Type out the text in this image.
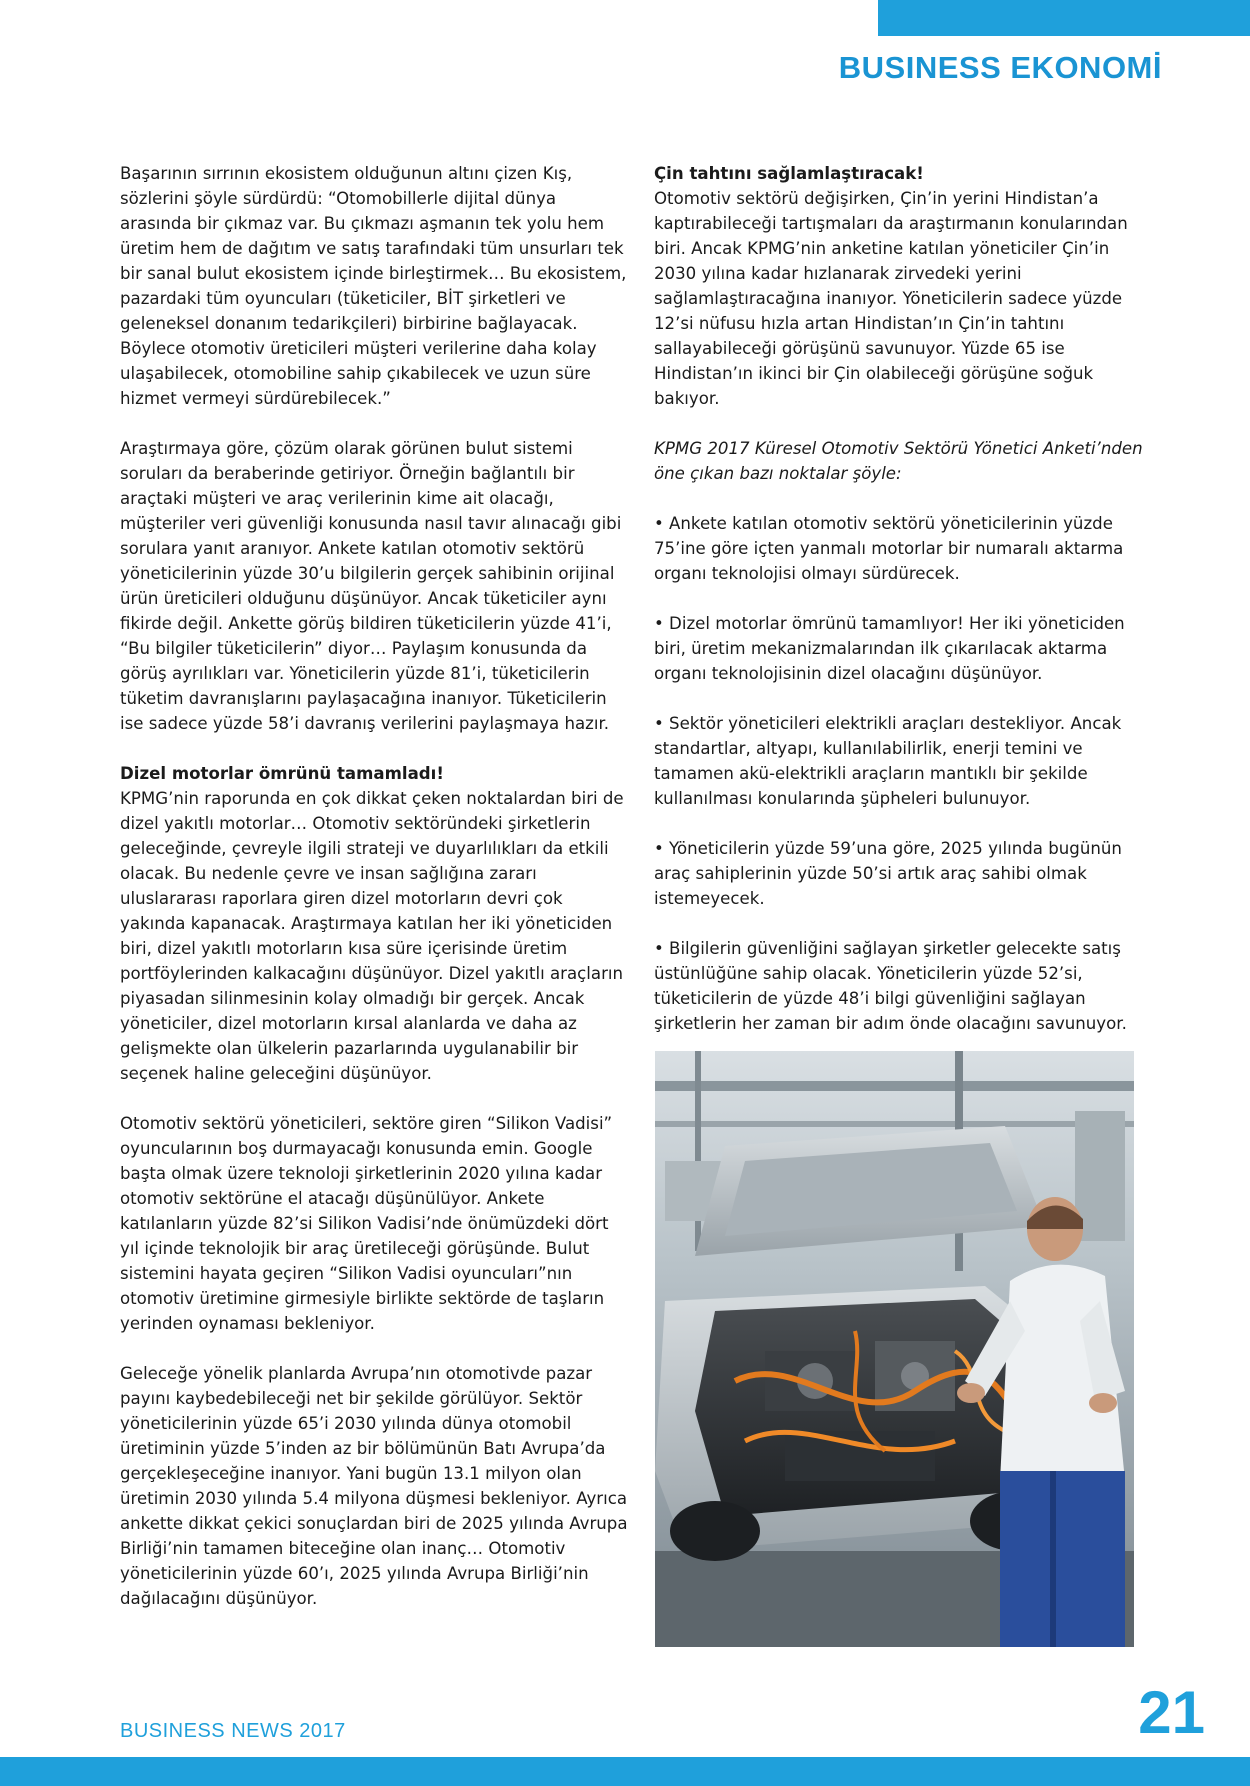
BUSINESS EKONOMİ

Başarının sırrının ekosistem olduğunun altını çizen Kış, sözlerini şöyle sürdürdü: “Otomobillerle dijital dünya arasında bir çıkmaz var. Bu çıkmazı aşmanın tek yolu hem üretim hem de dağıtım ve satış tarafındaki tüm unsurları tek bir sanal bulut ekosistem içinde birleştirmek… Bu ekosistem, pazardaki tüm oyuncuları (tüketiciler, BİT şirketleri ve geleneksel donanım tedarikçileri) birbirine bağlayacak. Böylece otomotiv üreticileri müşteri verilerine daha kolay ulaşabilecek, otomobiline sahip çıkabilecek ve uzun süre hizmet vermeyi sürdürebilecek.”

Araştırmaya göre, çözüm olarak görünen bulut sistemi soruları da beraberinde getiriyor. Örneğin bağlantılı bir araçtaki müşteri ve araç verilerinin kime ait olacağı, müşteriler veri güvenliği konusunda nasıl tavır alınacağı gibi sorulara yanıt aranıyor. Ankete katılan otomotiv sektörü yöneticilerinin yüzde 30’u bilgilerin gerçek sahibinin orijinal ürün üreticileri olduğunu düşünüyor. Ancak tüketiciler aynı fikirde değil. Ankette görüş bildiren tüketicilerin yüzde 41’i, “Bu bilgiler tüketicilerin” diyor… Paylaşım konusunda da görüş ayrılıkları var. Yöneticilerin yüzde 81’i, tüketicilerin tüketim davranışlarını paylaşacağına inanıyor. Tüketicilerin ise sadece yüzde 58’i davranış verilerini paylaşmaya hazır.

Dizel motorlar ömrünü tamamladı!

KPMG’nin raporunda en çok dikkat çeken noktalardan biri de dizel yakıtlı motorlar… Otomotiv sektöründeki şirketlerin geleceğinde, çevreyle ilgili strateji ve duyarlılıkları da etkili olacak. Bu nedenle çevre ve insan sağlığına zararı uluslararası raporlara giren dizel motorların devri çok yakında kapanacak. Araştırmaya katılan her iki yöneticiden biri, dizel yakıtlı motorların kısa süre içerisinde üretim portföylerinden kalkacağını düşünüyor. Dizel yakıtlı araçların piyasadan silinmesinin kolay olmadığı bir gerçek. Ancak yöneticiler, dizel motorların kırsal alanlarda ve daha az gelişmekte olan ülkelerin pazarlarında uygulanabilir bir seçenek haline geleceğini düşünüyor.

Otomotiv sektörü yöneticileri, sektöre giren “Silikon Vadisi” oyuncularının boş durmayacağı konusunda emin. Google başta olmak üzere teknoloji şirketlerinin 2020 yılına kadar otomotiv sektörüne el atacağı düşünülüyor. Ankete katılanların yüzde 82’si Silikon Vadisi’nde önümüzdeki dört yıl içinde teknolojik bir araç üretileceği görüşünde. Bulut sistemini hayata geçiren “Silikon Vadisi oyuncuları”nın otomotiv üretimine girmesiyle birlikte sektörde de taşların yerinden oynaması bekleniyor.

Geleceğe yönelik planlarda Avrupa’nın otomotivde pazar payını kaybedebileceği net bir şekilde görülüyor. Sektör yöneticilerinin yüzde 65’i 2030 yılında dünya otomobil üretiminin yüzde 5’inden az bir bölümünün Batı Avrupa’da gerçekleşeceğine inanıyor. Yani bugün 13.1 milyon olan üretimin 2030 yılında 5.4 milyona düşmesi bekleniyor. Ayrıca ankette dikkat çekici sonuçlardan biri de 2025 yılında Avrupa Birliği’nin tamamen biteceğine olan inanç… Otomotiv yöneticilerinin yüzde 60’ı, 2025 yılında Avrupa Birliği’nin dağılacağını düşünüyor.

Çin tahtını sağlamlaştıracak!

Otomotiv sektörü değişirken, Çin’in yerini Hindistan’a kaptırabileceği tartışmaları da araştırmanın konularından biri. Ancak KPMG’nin anketine katılan yöneticiler Çin’in 2030 yılına kadar hızlanarak zirvedeki yerini sağlamlaştıracağına inanıyor. Yöneticilerin sadece yüzde 12’si nüfusu hızla artan Hindistan’ın Çin’in tahtını sallayabileceği görüşünü savunuyor. Yüzde 65 ise Hindistan’ın ikinci bir Çin olabileceği görüşüne soğuk bakıyor.

KPMG 2017 Küresel Otomotiv Sektörü Yönetici Anketi’nden öne çıkan bazı noktalar şöyle:

• Ankete katılan otomotiv sektörü yöneticilerinin yüzde 75’ine göre içten yanmalı motorlar bir numaralı aktarma organı teknolojisi olmayı sürdürecek.

• Dizel motorlar ömrünü tamamlıyor! Her iki yöneticiden biri, üretim mekanizmalarından ilk çıkarılacak aktarma organı teknolojisinin dizel olacağını düşünüyor.

• Sektör yöneticileri elektrikli araçları destekliyor. Ancak standartlar, altyapı, kullanılabilirlik, enerji temini ve tamamen akü-elektrikli araçların mantıklı bir şekilde kullanılması konularında şüpheleri bulunuyor.

• Yöneticilerin yüzde 59’una göre, 2025 yılında bugünün araç sahiplerinin yüzde 50’si artık araç sahibi olmak istemeyecek.

• Bilgilerin güvenliğini sağlayan şirketler gelecekte satış üstünlüğüne sahip olacak. Yöneticilerin yüzde 52’si, tüketicilerin de yüzde 48’i bilgi güvenliğini sağlayan şirketlerin her zaman bir adım önde olacağını savunuyor.

BUSINESS NEWS 2017	21
